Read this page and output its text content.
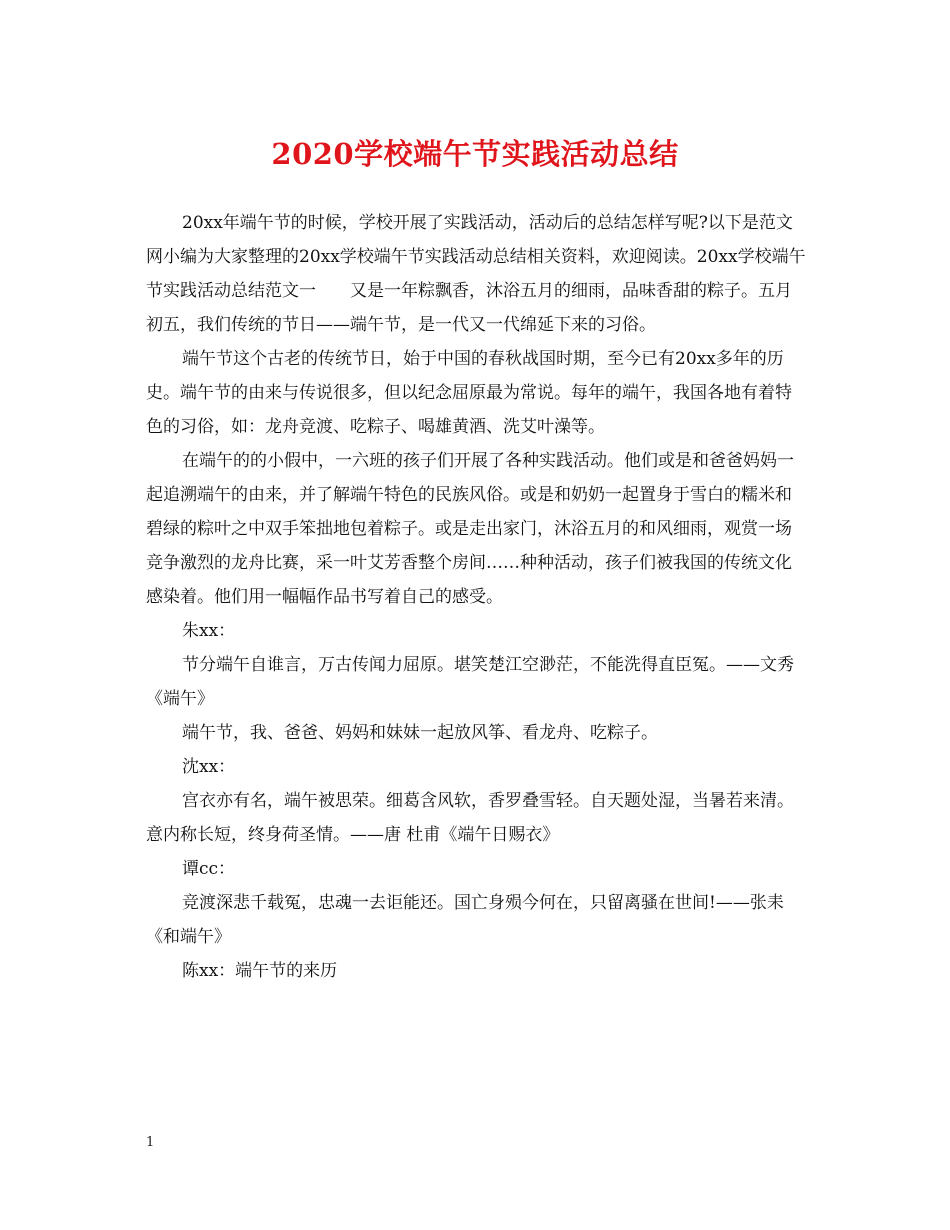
2020学校端午节实践活动总结

20xx年端午节的时候，学校开展了实践活动，活动后的总结怎样写呢?以下是范文网小编为大家整理的20xx学校端午节实践活动总结相关资料，欢迎阅读。20xx学校端午节实践活动总结范文一　　又是一年粽飘香，沐浴五月的细雨，品味香甜的粽子。五月初五，我们传统的节日——端午节，是一代又一代绵延下来的习俗。

端午节这个古老的传统节日，始于中国的春秋战国时期，至今已有20xx多年的历史。端午节的由来与传说很多，但以纪念屈原最为常说。每年的端午，我国各地有着特色的习俗，如：龙舟竞渡、吃粽子、喝雄黄酒、洗艾叶澡等。

在端午的的小假中，一六班的孩子们开展了各种实践活动。他们或是和爸爸妈妈一起追溯端午的由来，并了解端午特色的民族风俗。或是和奶奶一起置身于雪白的糯米和碧绿的粽叶之中双手笨拙地包着粽子。或是走出家门，沐浴五月的和风细雨，观赏一场竞争激烈的龙舟比赛，采一叶艾芳香整个房间……种种活动，孩子们被我国的传统文化感染着。他们用一幅幅作品书写着自己的感受。

朱xx：

节分端午自谁言，万古传闻力屈原。堪笑楚江空渺茫，不能洗得直臣冤。——文秀《端午》

端午节，我、爸爸、妈妈和妹妹一起放风筝、看龙舟、吃粽子。

沈xx：

宫衣亦有名，端午被思荣。细葛含风软，香罗叠雪轻。自天题处湿，当暑若来清。意内称长短，终身荷圣情。——唐 杜甫《端午日赐衣》

谭cc：

竞渡深悲千载冤，忠魂一去讵能还。国亡身殒今何在，只留离骚在世间!——张耒《和端午》

陈xx：端午节的来历

1
